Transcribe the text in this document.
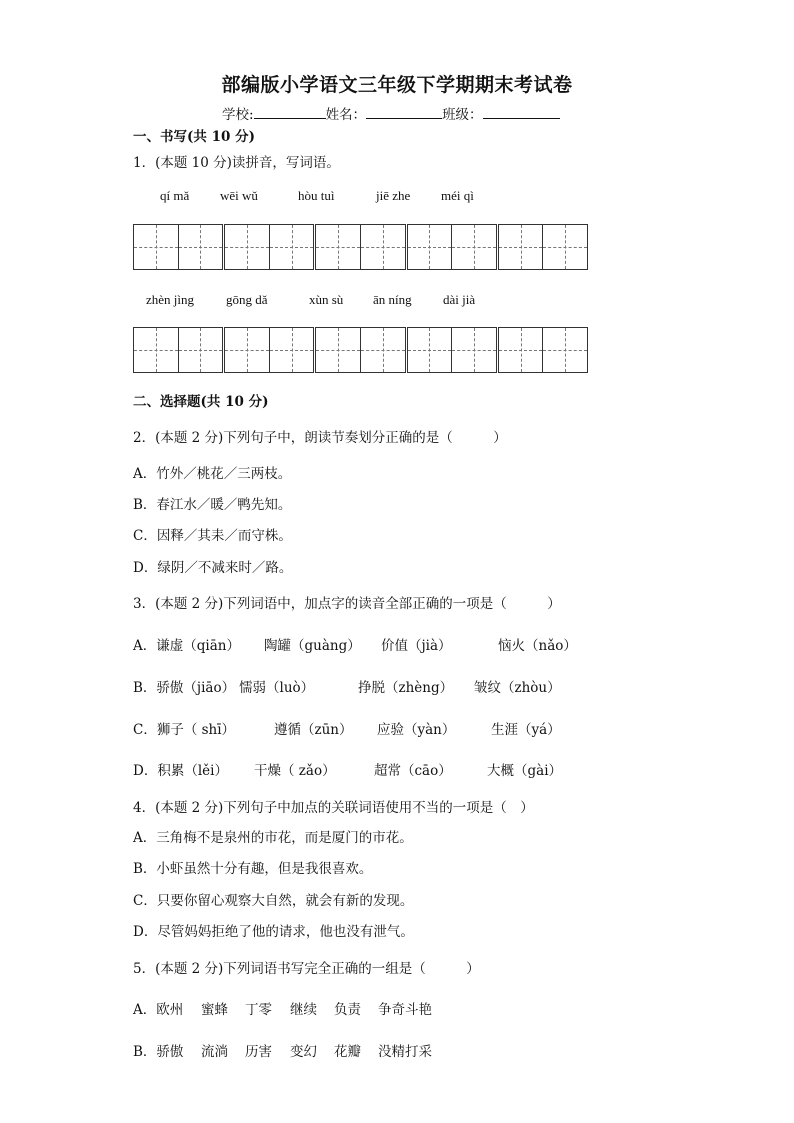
部编版小学语文三年级下学期期末考试卷
学校:	姓名：	班级：
一、书写(共 10 分)
1．(本题 10 分)读拼音，写词语。
qí mǎ wēi wǔ	hòu tuì	jiē zhe méi qì
zhèn jìng gōng dǎ	xùn sù ān níng dài jià
二、选择题(共 10 分)
2．(本题 2 分)下列句子中，朗读节奏划分正确的是（　　　）
A．竹外／桃花／三两枝。
B．春江水／暖／鸭先知。
C．因释／其耒／而守株。
D．绿阴／不减来时／路。
3．(本题 2 分)下列词语中，加点字的读音全部正确的一项是（　　　）
A．谦虚（qiān） 陶罐（guàng） 价值（jià）	恼火（nǎo）
B．骄傲（jiāo） 懦弱（luò）	挣脱（zhèng） 皱纹（zhòu）
C．狮子（ shī）	遵循（zūn） 应验（yàn）	生涯（yá）
D．积累（lěi） 干燥（ zǎo）	超常（cāo）	大概（gài）
4．(本题 2 分)下列句子中加点的关联词语使用不当的一项是（　）
A．三角梅不是泉州的市花，而是厦门的市花。
B．小虾虽然十分有趣，但是我很喜欢。
C．只要你留心观察大自然，就会有新的发现。
D．尽管妈妈拒绝了他的请求，他也没有泄气。
5．(本题 2 分)下列词语书写完全正确的一组是（　　　）
A．欧州 蜜蜂 丁零 继续 负责 争奇斗艳
B．骄傲 流淌 历害 变幻 花瓣 没精打采
